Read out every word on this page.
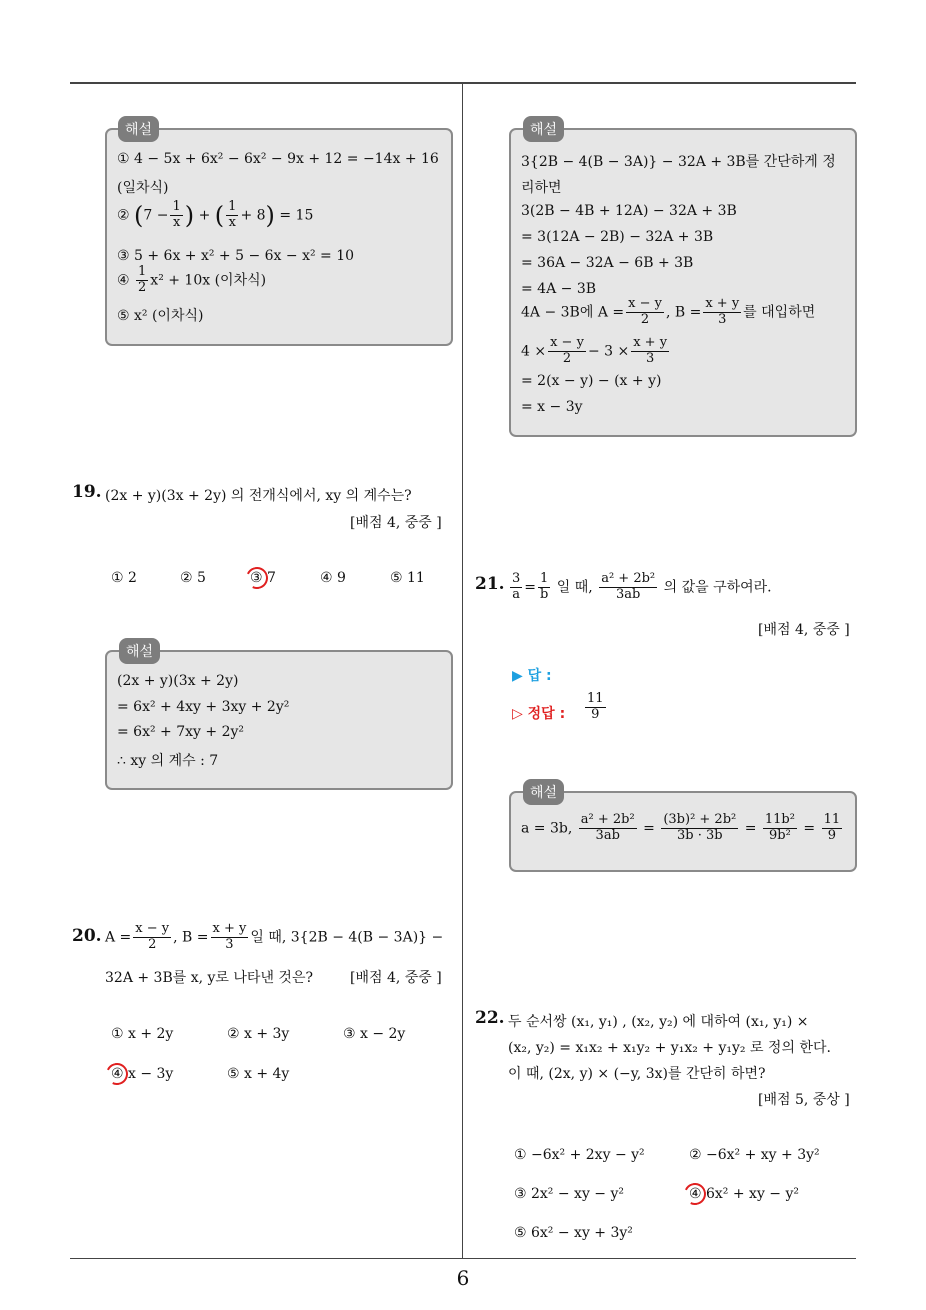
해설
① 4 − 5x + 6x² − 6x² − 9x + 12 = −14x + 16
(일차식)
② ($7 - \frac{1}{x}$ ) + ( $\frac{1}{x} + 8) = 15$
③ 5 + 6x + x² + 5 − 6x − x² = 10
④ $\frac{1}{2} x^2 + 10x$ (이차식)
⑤ x² (이차식)
해설
3{2B − 4(B − 3A)} − 32A + 3B를 간단하게 정
리하면
3(2B − 4B + 12A) − 32A + 3B
= 3(12A − 2B) − 32A + 3B
= 36A − 32A − 6B + 3B
= 4A − 3B
4A − 3B에 $A = \frac{x - y}{2}$ , $B = \frac{x + y}{3}$ 를 대입하면
$4 \times \frac{x - y}{2} - 3 \times \frac{x + y}{3}$
= 2(x − y) − (x + y)
= x − 3y
19. (2x + y)(3x + 2y) 의 전개식에서, xy 의 계수는?
[배점 4, 중중 ]
① 2	② 5	③ 7	④ 9	⑤ 11
해설
(2x + y)(3x + 2y)
= 6x² + 4xy + 3xy + 2y²
= 6x² + 7xy + 2y²
∴ xy 의 계수 : 7
20. $A = \frac{x - y}{2}$ , $B = \frac{x + y}{3}$ 일 때, 3{2B − 4(B − 3A)} −
32A + 3B를 x, y로 나타낸 것은?	[배점 4, 중중 ]
① x + 2y	② x + 3y	③ x − 2y
④ x − 3y	⑤ x + 4y
21. $\frac{3}{a} = \frac{1}{b}$ 일 때, $\frac{\text{a² + 2b²}}{3ab}$ 의 값을 구하여라.
[배점 4, 중중 ]
▶ 답 :
▷ 정답 : $\frac{11}{9}$
해설
a = 3b, $\frac{\text{a² + 2b²}}{3ab} = \frac{\text{(3b)² + 2b²}}{3b \cdot 3b} = \frac{\text{11b²}}{\text{9b²}} = \frac{11}{9}$
22. 두 순서쌍 (x₁, y₁) , (x₂, y₂) 에 대하여 (x₁, y₁) ×
(x₂, y₂) = x₁x₂ + x₁y₂ + y₁x₂ + y₁y₂ 로 정의 한다.
이 때, (2x, y) × (−y, 3x)를 간단히 하면?
[배점 5, 중상 ]
① −6x² + 2xy − y²	② −6x² + xy + 3y²
③ 2x² − xy − y²	④ 6x² + xy − y²
⑤ 6x² − xy + 3y²
6
